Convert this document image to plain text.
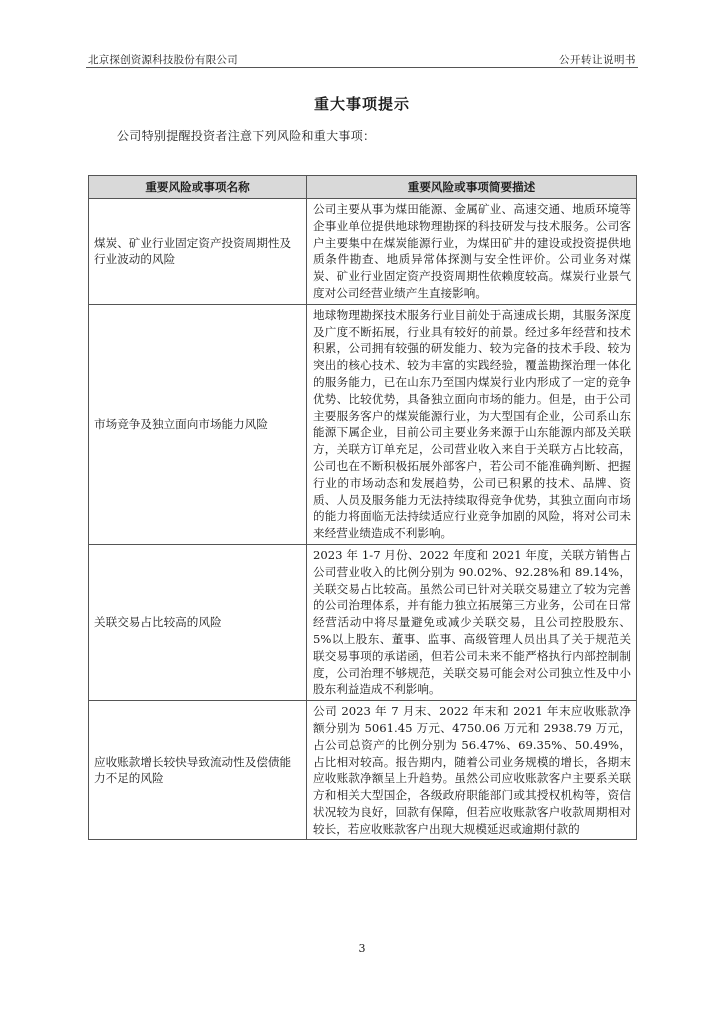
北京探创资源科技股份有限公司	公开转让说明书
重大事项提示
公司特别提醒投资者注意下列风险和重大事项：
重要风险或事项名称	重要风险或事项简要描述
煤炭、矿业行业固定资产投资周期性及行业波动的风险	公司主要从事为煤田能源、金属矿业、高速交通、地质环境等企事业单位提供地球物理勘探的科技研发与技术服务。公司客户主要集中在煤炭能源行业，为煤田矿井的建设或投资提供地质条件勘查、地质异常体探测与安全性评价。公司业务对煤炭、矿业行业固定资产投资周期性依赖度较高。煤炭行业景气度对公司经营业绩产生直接影响。
市场竞争及独立面向市场能力风险	地球物理勘探技术服务行业目前处于高速成长期，其服务深度及广度不断拓展，行业具有较好的前景。经过多年经营和技术积累，公司拥有较强的研发能力、较为完备的技术手段、较为突出的核心技术、较为丰富的实践经验，覆盖勘探治理一体化的服务能力，已在山东乃至国内煤炭行业内形成了一定的竞争优势、比较优势，具备独立面向市场的能力。但是，由于公司主要服务客户的煤炭能源行业，为大型国有企业，公司系山东能源下属企业，目前公司主要业务来源于山东能源内部及关联方，关联方订单充足，公司营业收入来自于关联方占比较高，公司也在不断积极拓展外部客户，若公司不能准确判断、把握行业的市场动态和发展趋势，公司已积累的技术、品牌、资质、人员及服务能力无法持续取得竞争优势，其独立面向市场的能力将面临无法持续适应行业竞争加剧的风险，将对公司未来经营业绩造成不利影响。
关联交易占比较高的风险	2023 年 1-7 月份、2022 年度和 2021 年度，关联方销售占公司营业收入的比例分别为 90.02%、92.28%和 89.14%，关联交易占比较高。虽然公司已针对关联交易建立了较为完善的公司治理体系，并有能力独立拓展第三方业务，公司在日常经营活动中将尽量避免或减少关联交易，且公司控股股东、5%以上股东、董事、监事、高级管理人员出具了关于规范关联交易事项的承诺函，但若公司未来不能严格执行内部控制制度，公司治理不够规范，关联交易可能会对公司独立性及中小股东利益造成不利影响。
应收账款增长较快导致流动性及偿债能力不足的风险	公司 2023 年 7 月末、2022 年末和 2021 年末应收账款净额分别为 5061.45 万元、4750.06 万元和 2938.79 万元，占公司总资产的比例分别为 56.47%、69.35%、50.49%，占比相对较高。报告期内，随着公司业务规模的增长，各期末应收账款净额呈上升趋势。虽然公司应收账款客户主要系关联方和相关大型国企，各级政府职能部门或其授权机构等，资信状况较为良好，回款有保障，但若应收账款客户收款周期相对较长，若应收账款客户出现大规模延迟或逾期付款的
3
